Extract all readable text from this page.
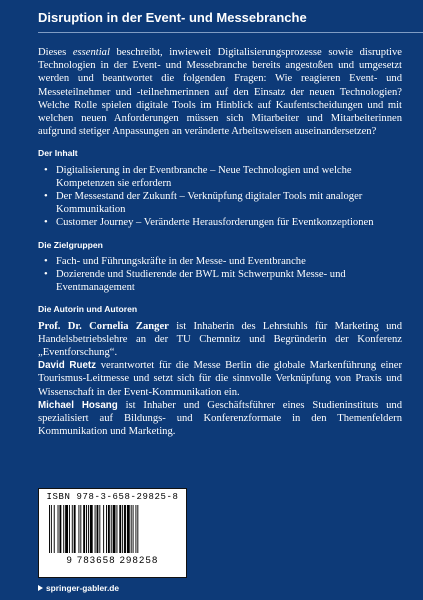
Disruption in der Event- und Messebranche

Dieses essential beschreibt, inwieweit Digitalisierungsprozesse sowie disruptive Technologien in der Event- und Messebranche bereits angestoßen und umgesetzt werden und beantwortet die folgenden Fragen: Wie reagieren Event- und Messeteilnehmer und -teilnehmerinnen auf den Einsatz der neuen Technologien? Welche Rolle spielen digitale Tools im Hinblick auf Kaufentscheidungen und mit welchen neuen Anforderungen müssen sich Mitarbeiter und Mitarbeiterinnen aufgrund stetiger Anpassungen an veränderte Arbeitsweisen auseinandersetzen?

Der Inhalt
• Digitalisierung in der Eventbranche – Neue Technologien und welche Kompetenzen sie erfordern
• Der Messestand der Zukunft – Verknüpfung digitaler Tools mit analoger Kommunikation
• Customer Journey – Veränderte Herausforderungen für Eventkonzeptionen
Die Zielgruppen
• Fach- und Führungskräfte in der Messe- und Eventbranche
• Dozierende und Studierende der BWL mit Schwerpunkt Messe- und Eventmanagement
Die Autorin und Autoren

Prof. Dr. Cornelia Zanger ist Inhaberin des Lehrstuhls für Marketing und Handelsbetriebslehre an der TU Chemnitz und Begründerin der Konferenz „Eventforschung“.

David Ruetz verantwortet für die Messe Berlin die globale Markenführung einer Tourismus-Leitmesse und setzt sich für die sinnvolle Verknüpfung von Praxis und Wissenschaft in der Event-Kommunikation ein.

Michael Hosang ist Inhaber und Geschäftsführer eines Studieninstituts und spezialisiert auf Bildungs- und Konferenzformate in den Themenfeldern Kommunikation und Marketing.

ISBN 978-3-658-29825-8
9 783658 298258
springer-gabler.de
